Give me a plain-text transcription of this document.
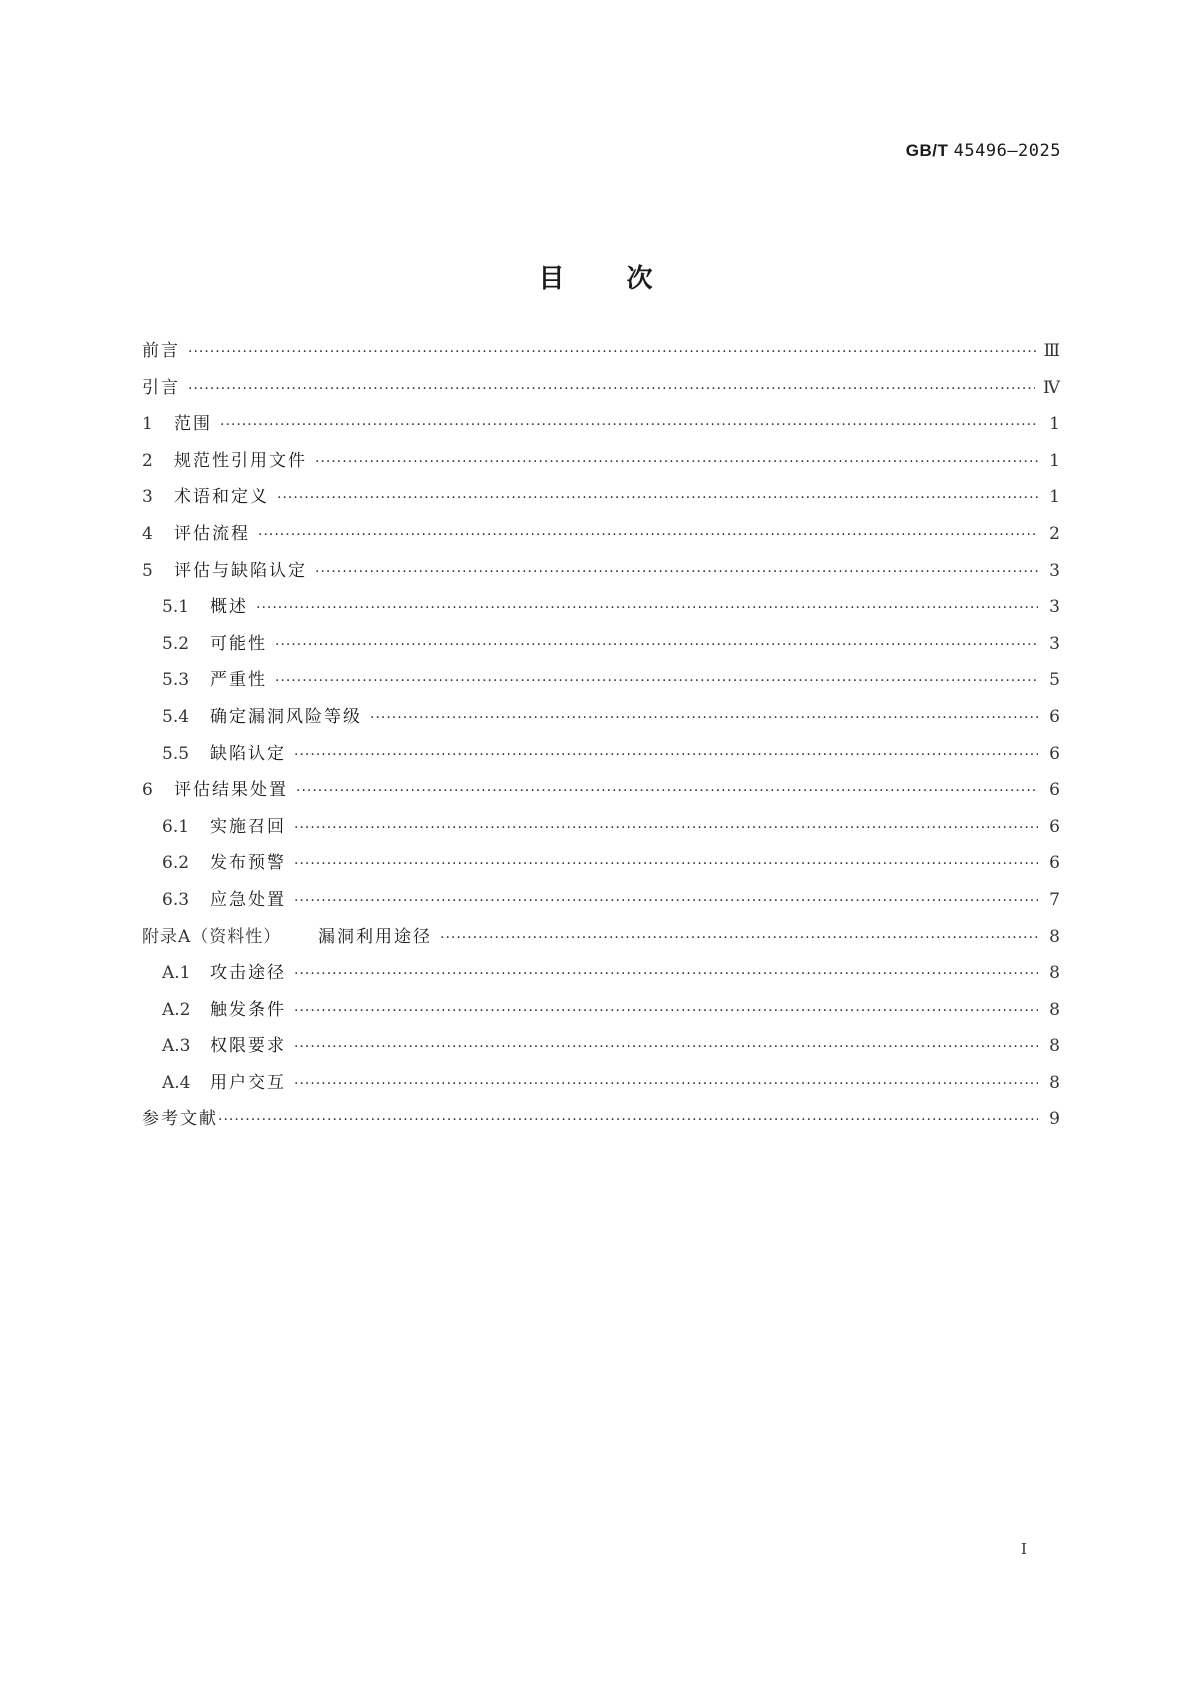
GB/T 45496—2025
目次
前言 ·····	Ⅲ
引言 ·····	Ⅳ
1	范围 ·····	1
2	规范性引用文件 ·····	1
3	术语和定义 ·····	1
4	评估流程 ·····	2
5	评估与缺陷认定 ·····	3
5.1	概述 ·····	3
5.2	可能性 ·····	3
5.3	严重性 ·····	5
5.4	确定漏洞风险等级 ·····	6
5.5	缺陷认定 ·····	6
6	评估结果处置 ·····	6
6.1	实施召回 ·····	6
6.2	发布预警 ·····	6
6.3	应急处置 ·····	7
附录A（资料性）	漏洞利用途径 ·····	8
A.1	攻击途径 ·····	8
A.2	触发条件 ·····	8
A.3	权限要求 ·····	8
A.4	用户交互 ·····	8
参考文献 ·····	9
Ⅰ
